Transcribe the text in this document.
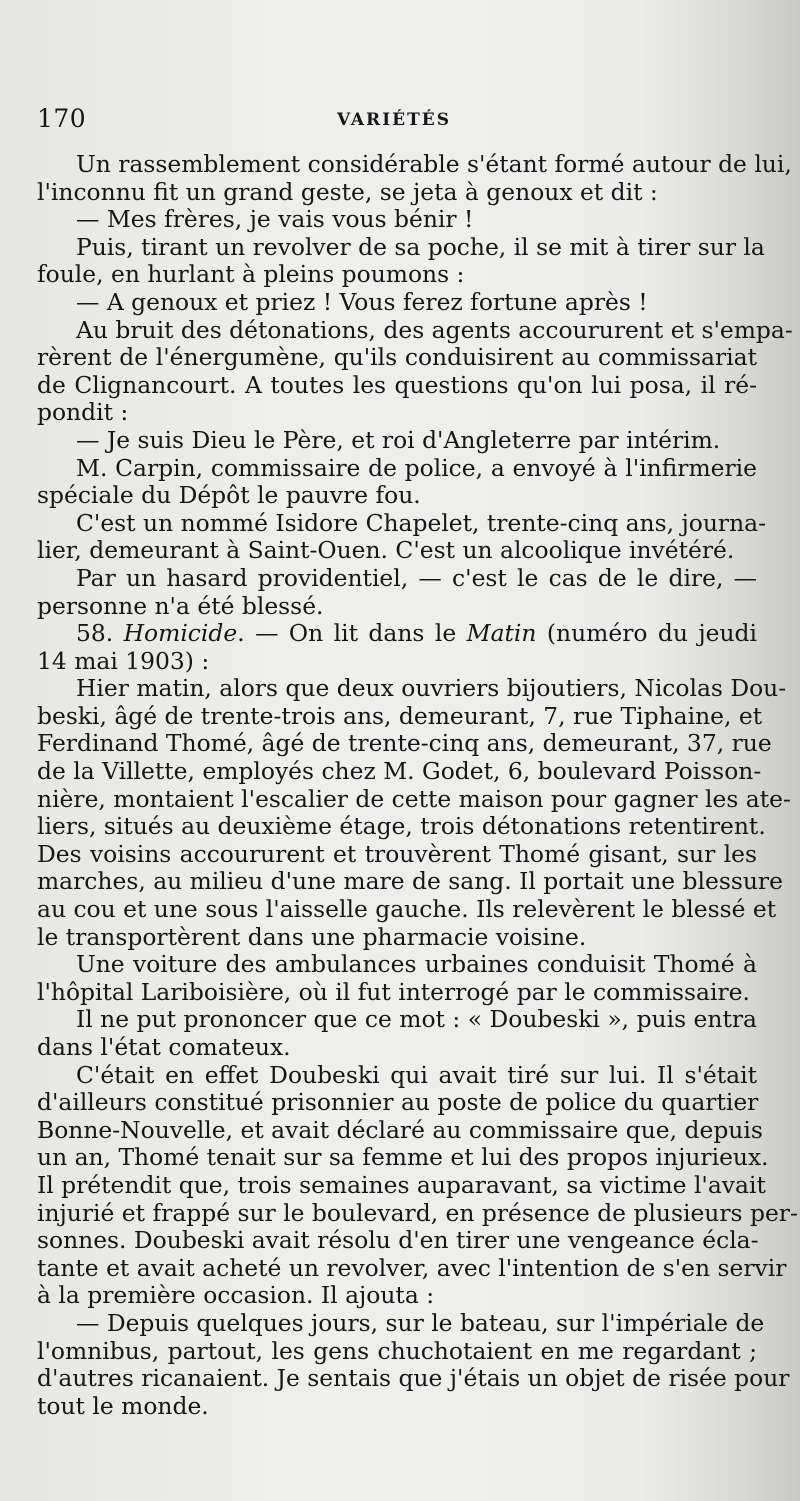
170	VARIÉTÉS
Un rassemblement considérable s'étant formé autour de lui,
l'inconnu fit un grand geste, se jeta à genoux et dit :
— Mes frères, je vais vous bénir !
Puis, tirant un revolver de sa poche, il se mit à tirer sur la
foule, en hurlant à pleins poumons :
— A genoux et priez ! Vous ferez fortune après !
Au bruit des détonations, des agents accoururent et s'empa-
rèrent de l'énergumène, qu'ils conduisirent au commissariat
de Clignancourt. A toutes les questions qu'on lui posa, il ré-
pondit :
— Je suis Dieu le Père, et roi d'Angleterre par intérim.
M. Carpin, commissaire de police, a envoyé à l'infirmerie
spéciale du Dépôt le pauvre fou.
C'est un nommé Isidore Chapelet, trente-cinq ans, journa-
lier, demeurant à Saint-Ouen. C'est un alcoolique invétéré.
Par un hasard providentiel, — c'est le cas de le dire, —
personne n'a été blessé.
58. Homicide. — On lit dans le Matin (numéro du jeudi
14 mai 1903) :
Hier matin, alors que deux ouvriers bijoutiers, Nicolas Dou-
beski, âgé de trente-trois ans, demeurant, 7, rue Tiphaine, et
Ferdinand Thomé, âgé de trente-cinq ans, demeurant, 37, rue
de la Villette, employés chez M. Godet, 6, boulevard Poisson-
nière, montaient l'escalier de cette maison pour gagner les ate-
liers, situés au deuxième étage, trois détonations retentirent.
Des voisins accoururent et trouvèrent Thomé gisant, sur les
marches, au milieu d'une mare de sang. Il portait une blessure
au cou et une sous l'aisselle gauche. Ils relevèrent le blessé et
le transportèrent dans une pharmacie voisine.
Une voiture des ambulances urbaines conduisit Thomé à
l'hôpital Lariboisière, où il fut interrogé par le commissaire.
Il ne put prononcer que ce mot : « Doubeski », puis entra
dans l'état comateux.
C'était en effet Doubeski qui avait tiré sur lui. Il s'était
d'ailleurs constitué prisonnier au poste de police du quartier
Bonne-Nouvelle, et avait déclaré au commissaire que, depuis
un an, Thomé tenait sur sa femme et lui des propos injurieux.
Il prétendit que, trois semaines auparavant, sa victime l'avait
injurié et frappé sur le boulevard, en présence de plusieurs per-
sonnes. Doubeski avait résolu d'en tirer une vengeance écla-
tante et avait acheté un revolver, avec l'intention de s'en servir
à la première occasion. Il ajouta :
— Depuis quelques jours, sur le bateau, sur l'impériale de
l'omnibus, partout, les gens chuchotaient en me regardant ;
d'autres ricanaient. Je sentais que j'étais un objet de risée pour
tout le monde.
